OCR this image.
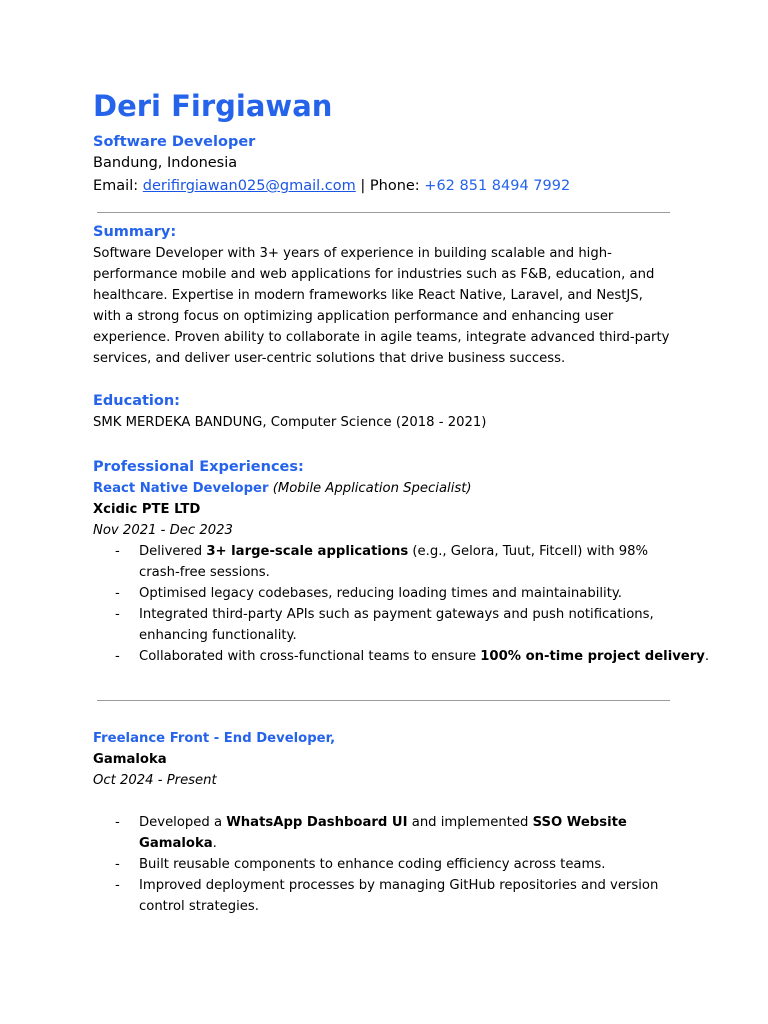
Deri Firgiawan
Software Developer
Bandung, Indonesia
Email: derifirgiawan025@gmail.com | Phone: +62 851 8494 7992
Summary:
Software Developer with 3+ years of experience in building scalable and high-performance mobile and web applications for industries such as F&B, education, and healthcare. Expertise in modern frameworks like React Native, Laravel, and NestJS, with a strong focus on optimizing application performance and enhancing user experience. Proven ability to collaborate in agile teams, integrate advanced third-party services, and deliver user-centric solutions that drive business success.
Education:
SMK MERDEKA BANDUNG, Computer Science (2018 - 2021)
Professional Experiences:
React Native Developer (Mobile Application Specialist)
Xcidic PTE LTD
Nov 2021 - Dec 2023
- Delivered 3+ large-scale applications (e.g., Gelora, Tuut, Fitcell) with 98% crash-free sessions.
- Optimised legacy codebases, reducing loading times and maintainability.
- Integrated third-party APIs such as payment gateways and push notifications, enhancing functionality.
- Collaborated with cross-functional teams to ensure 100% on-time project delivery.
Freelance Front - End Developer,
Gamaloka
Oct 2024 - Present
- Developed a WhatsApp Dashboard UI and implemented SSO Website Gamaloka.
- Built reusable components to enhance coding efficiency across teams.
- Improved deployment processes by managing GitHub repositories and version control strategies.
